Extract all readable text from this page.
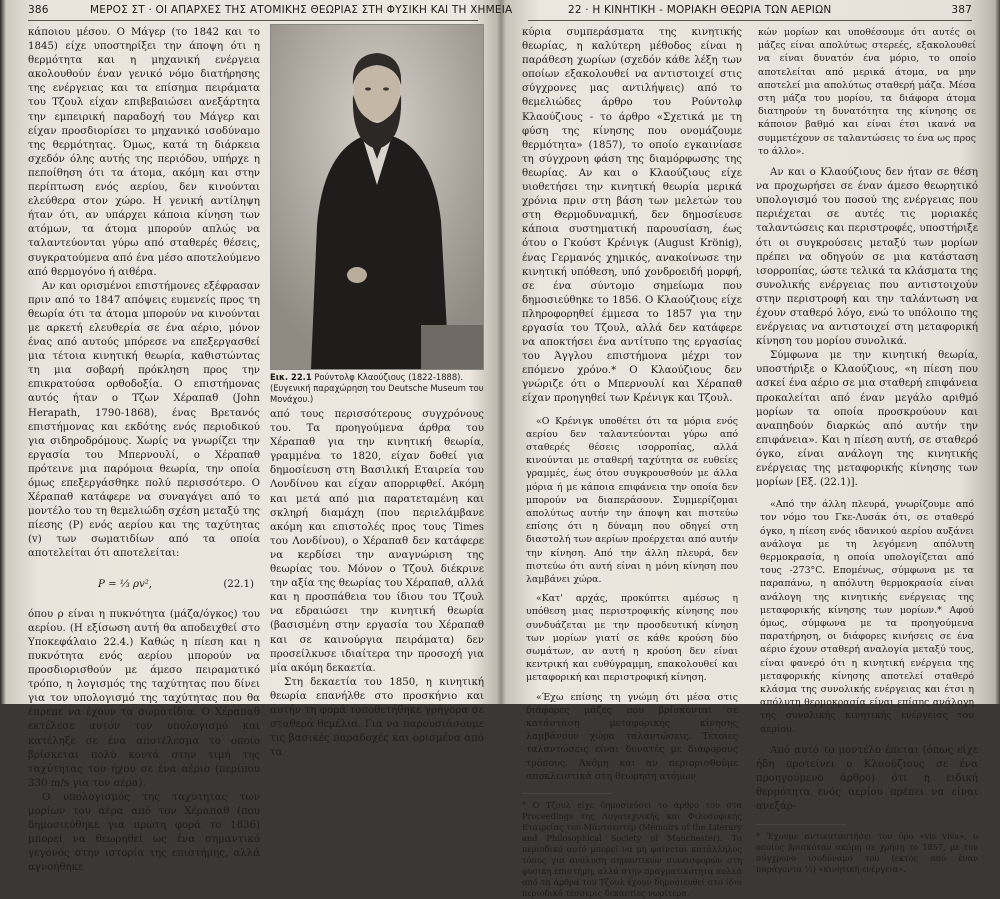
386	ΜΕΡΟΣ ΣΤ · ΟΙ ΑΠΑΡΧΕΣ ΤΗΣ ΑΤΟΜΙΚΗΣ ΘΕΩΡΙΑΣ ΣΤΗ ΦΥΣΙΚΗ ΚΑΙ ΤΗ ΧΗΜΕΙΑ

κάποιου μέσου. Ο Μάγερ (το 1842 και το 1845) είχε υποστηρίξει την άποψη ότι η θερμότητα και η μηχανική ενέργεια ακολουθούν έναν γενικό νόμο διατήρησης της ενέργειας και τα επίσημα πειράματα του Τζουλ είχαν επιβεβαιώσει ανεξάρτητα την εμπειρική παραδοχή του Μάγερ και είχαν προσδιορίσει το μηχανικό ισοδύναμο της θερμότητας. Όμως, κατά τη διάρκεια σχεδόν όλης αυτής της περιόδου, υπήρχε η πεποίθηση ότι τα άτομα, ακόμη και στην περίπτωση ενός αερίου, δεν κινούνται ελεύθερα στον χώρο. Η γενική αντίληψη ήταν ότι, αν υπάρχει κάποια κίνηση των ατόμων, τα άτομα μπορούν απλώς να ταλαντεύονται γύρω από σταθερές θέσεις, συγκρατούμενα από ένα μέσο αποτελούμενο από θερμογόνο ή αιθέρα.

Αν και ορισμένοι επιστήμονες εξέφρασαν πριν από το 1847 απόψεις ευμενείς προς τη θεωρία ότι τα άτομα μπορούν να κινούνται με αρκετή ελευθερία σε ένα αέριο, μόνον ένας από αυτούς μπόρεσε να επεξεργασθεί μια τέτοια κινητική θεωρία, καθιστώντας τη μια σοβαρή πρόκληση προς την επικρατούσα ορθοδοξία. Ο επιστήμονας αυτός ήταν ο Τζων Χέραπαθ (John Herapath, 1790-1868), ένας Βρετανός επιστήμονας και εκδότης ενός περιοδικού για σιδηροδρόμους. Χωρίς να γνωρίζει την εργασία του Μπερνουλί, ο Χέραπαθ πρότεινε μια παρόμοια θεωρία, την οποία όμως επεξεργάσθηκε πολύ περισσότερο. Ο Χέραπαθ κατάφερε να συναγάγει από το μοντέλο του τη θεμελιώδη σχέση μεταξύ της πίεσης (P) ενός αερίου και της ταχύτητας (v) των σωματιδίων από τα οποία αποτελείται ότι αποτελείται:

P = ⅓ ρv²,	(22.1)

όπου ρ είναι η πυκνότητα (μάζα/όγκος) του αερίου. (Η εξίσωση αυτή θα αποδειχθεί στο Υποκεφάλαιο 22.4.) Καθώς η πίεση και η πυκνότητα ενός αερίου μπορούν να προσδιορισθούν με άμεσο πειραματικό τρόπο, η λογισμός της ταχύτητας που δίνει για τον υπολογισμό της ταχύτητας που θα έπρεπε να έχουν τα σωματίδια. Ο Χέραπαθ εκτέλεσε αυτόν τον υπολογισμό και κατέληξε σε ένα αποτέλεσμα το οποίο βρίσκεται πολύ κοντά στην τιμή της ταχύτητας του ήχου σε ένα αέριο (περίπου 330 m/s για τον αέρα).

Ο υπολογισμός της ταχύτητας των μορίων του αέρα από τον Χέραπαθ (που δημοσιεύθηκε για πρώτη φορά το 1836) μπορεί να θεωρηθεί ως ένα σημαντικό γεγονός στην ιστορία της επιστήμης, αλλά αγνοήθηκε

Εικ. 22.1 Ρούντολφ Κλαούζιους (1822-1888). (Ευγενική παραχώρηση του Deutsche Museum του Μονάχου.)

από τους περισσότερους συγχρόνους του. Τα προηγούμενα άρθρα του Χέραπαθ για την κινητική θεωρία, γραμμένα το 1820, είχαν δοθεί για δημοσίευση στη Βασιλική Εταιρεία του Λονδίνου και είχαν απορριφθεί. Ακόμη και μετά από μια παρατεταμένη και σκληρή διαμάχη (που περιελάμβανε ακόμη και επιστολές προς τους Times του Λονδίνου), ο Χέραπαθ δεν κατάφερε να κερδίσει την αναγνώριση της θεωρίας του. Μόνον ο Τζουλ διέκρινε την αξία της θεωρίας του Χέραπαθ, αλλά και η προσπάθεια του ίδιου του Τζουλ να εδραιώσει την κινητική θεωρία (βασισμένη στην εργασία του Χέραπαθ και σε καινούργια πειράματα) δεν προσείλκυσε ιδιαίτερα την προσοχή για μία ακόμη δεκαετία.

Στη δεκαετία του 1850, η κινητική θεωρία επανήλθε στο προσκήνιο και αυτήν τη φορά τοποθετήθηκε γρήγορα σε σταθερά θεμέλια. Για να παρουσιάσουμε τις βασικές παραδοχές και ορισμένα από τα

22 · Η ΚΙΝΗΤΙΚΗ - ΜΟΡΙΑΚΗ ΘΕΩΡΙΑ ΤΩΝ ΑΕΡΙΩΝ	387

κύρια συμπεράσματα της κινητικής θεωρίας, η καλύτερη μέθοδος είναι η παράθεση χωρίων (σχεδόν κάθε λέξη των οποίων εξακολουθεί να αντιστοιχεί στις σύγχρονες μας αντιλήψεις) από το θεμελιώδες άρθρο του Ρούντολφ Κλαούζιους - το άρθρο «Σχετικά με τη φύση της κίνησης που ονομάζουμε θερμότητα» (1857), το οποίο εγκαινίασε τη σύγχρονη φάση της διαμόρφωσης της θεωρίας. Αν και ο Κλαούζιους είχε υιοθετήσει την κινητική θεωρία μερικά χρόνια πριν στη βάση των μελετών του στη Θερμοδυναμική, δεν δημοσίευσε κάποια συστηματική παρουσίαση, έως ότου ο Γκούστ Κρένιγκ (August Krönig), ένας Γερμανός χημικός, ανακοίνωσε την κινητική υπόθεση, υπό χονδροειδή μορφή, σε ένα σύντομο σημείωμα που δημοσιεύθηκε το 1856. Ο Κλαούζιους είχε πληροφορηθεί έμμεσα το 1857 για την εργασία του Τζουλ, αλλά δεν κατάφερε να αποκτήσει ένα αντίτυπο της εργασίας του Άγγλου επιστήμονα μέχρι τον επόμενο χρόνο.* Ο Κλαούζιους δεν γνώριζε ότι ο Μπερνουλί και Χέραπαθ είχαν προηγηθεί των Κρένιγκ και Τζουλ.

«Ο Κρένιγκ υποθέτει ότι τα μόρια ενός αερίου δεν ταλαντεύονται γύρω από σταθερές θέσεις ισορροπίας, αλλά κινούνται με σταθερή ταχύτητα σε ευθείες γραμμές, έως ότου συγκρουσθούν με άλλα μόρια ή με κάποια επιφάνεια την οποία δεν μπορούν να διαπεράσουν. Συμμερίζομαι απολύτως αυτήν την άποψη και πιστεύω επίσης ότι η δύναμη που οδηγεί στη διαστολή των αερίων προέρχεται από αυτήν την κίνηση. Από την άλλη πλευρά, δεν πιστεύω ότι αυτή είναι η μόνη κίνηση που λαμβάνει χώρα.

«Κατ' αρχάς, προκύπτει αμέσως η υπόθεση μιας περιστροφικής κίνησης που συνδυάζεται με την προσδευτική κίνηση των μορίων γιατί σε κάθε κρούση δύο σωμάτων, αν αυτή η κρούση δεν είναι κεντρική και ευθύγραμμη, επακολουθεί και μεταφορική και περιστροφική κίνηση.

«Έχω επίσης τη γνώμη ότι μέσα στις διάφορες μάζες που βρίσκονται σε κατάσταση μεταφορικής κίνησης λαμβάνουν χώρα ταλαντώσεις. Τέτοιες ταλαντώσεις είναι δυνατές με διάφορους τρόπους. Ακόμη και αν περιορισθούμε αποκλειστικά στη θεώρηση ατόμων

* Ο Τζουλ είχε δημοσιεύσει το άρθρο του στα Proceedings της Λογοτεχνικής και Φιλοσοφικής Εταιρείας του Μάντσεστερ (Memoirs of the Literary and Philosophical Society of Manchester). Το περιοδικό αυτό μπορεί να μη φαίνεται κατάλληλος τόπος για ανάλυση σημαντικών συνεισφορών στη φυσική επιστήμη, αλλά στην πραγματικότητα πολλά από τα άρθρα του Τζουλ έχουν δημοσιευθεί στο ίδιο περιοδικό τέσσερις δεκαετίες νωρίτερα.

κών μορίων και υποθέσουμε ότι αυτές οι μάζες είναι απολύτως στερεές, εξακολουθεί να είναι δυνατόν ένα μόριο, το οποίο αποτελείται από μερικά άτομα, να μην αποτελεί μια απολύτως σταθερή μάζα. Μέσα στη μάζα του μορίου, τα διάφορα άτομα διατηρούν τη δυνατότητα της κίνησης σε κάποιον βαθμό και είναι έτσι ικανά να συμμετέχουν σε ταλαντώσεις το ένα ως προς το άλλο».

Αν και ο Κλαούζιους δεν ήταν σε θέση να προχωρήσει σε έναν άμεσο θεωρητικό υπολογισμό του ποσού της ενέργειας που περιέχεται σε αυτές τις μοριακές ταλαντώσεις και περιστροφές, υποστήριξε ότι οι συγκρούσεις μεταξύ των μορίων πρέπει να οδηγούν σε μια κατάσταση ισορροπίας, ώστε τελικά τα κλάσματα της συνολικής ενέργειας που αντιστοιχούν στην περιστροφή και την ταλάντωση να έχουν σταθερό λόγο, ενώ το υπόλοιπο της ενέργειας να αντιστοιχεί στη μεταφορική κίνηση του μορίου συνολικά.

Σύμφωνα με την κινητική θεωρία, υποστήριξε ο Κλαούζιους, «η πίεση που ασκεί ένα αέριο σε μια σταθερή επιφάνεια προκαλείται από έναν μεγάλο αριθμό μορίων τα οποία προσκρούουν και αναπηδούν διαρκώς από αυτήν την επιφάνεια». Και η πίεση αυτή, σε σταθερό όγκο, είναι ανάλογη της κινητικής ενέργειας της μεταφορικής κίνησης των μορίων [Εξ. (22.1)].

«Από την άλλη πλευρά, γνωρίζουμε από τον νόμο του Γκε-Λυσάκ ότι, σε σταθερό όγκο, η πίεση ενός ιδανικού αερίου αυξάνει ανάλογα με τη λεγόμενη απόλυτη θερμοκρασία, η οποία υπολογίζεται από τους -273°C. Επομένως, σύμφωνα με τα παραπάνω, η απόλυτη θερμοκρασία είναι ανάλογη της κινητικής ενέργειας της μεταφορικής κίνησης των μορίων.* Αφού όμως, σύμφωνα με τα προηγούμενα παρατήρηση, οι διάφορες κινήσεις σε ένα αέριο έχουν σταθερή αναλογία μεταξύ τους, είναι φανερό ότι η κινητική ενέργεια της μεταφορικής κίνησης αποτελεί σταθερό κλάσμα της συνολικής ενέργειας και έτσι η απόλυτη θερμοκρασία είναι επίσης ανάλογη της συνολικής κινητικής ενέργειας του αερίου.

Από αυτό το μοντέλο έπεται (όπως είχε ήδη προτείνει ο Κλαούζιους σε ένα προηγούμενο άρθρο) ότι η ειδική θερμότητα ενός αερίου πρέπει να είναι ανεξάρ-

* Έχουμε αντικαταστήσει τον όρο «vis viva», ο οποίος βρισκόταν ακόμη σε χρήση το 1857, με τον σύγχρονο ισοδύναμο του (εκτός από έναν παράγοντα ½) «κινητική ενέργεια».
